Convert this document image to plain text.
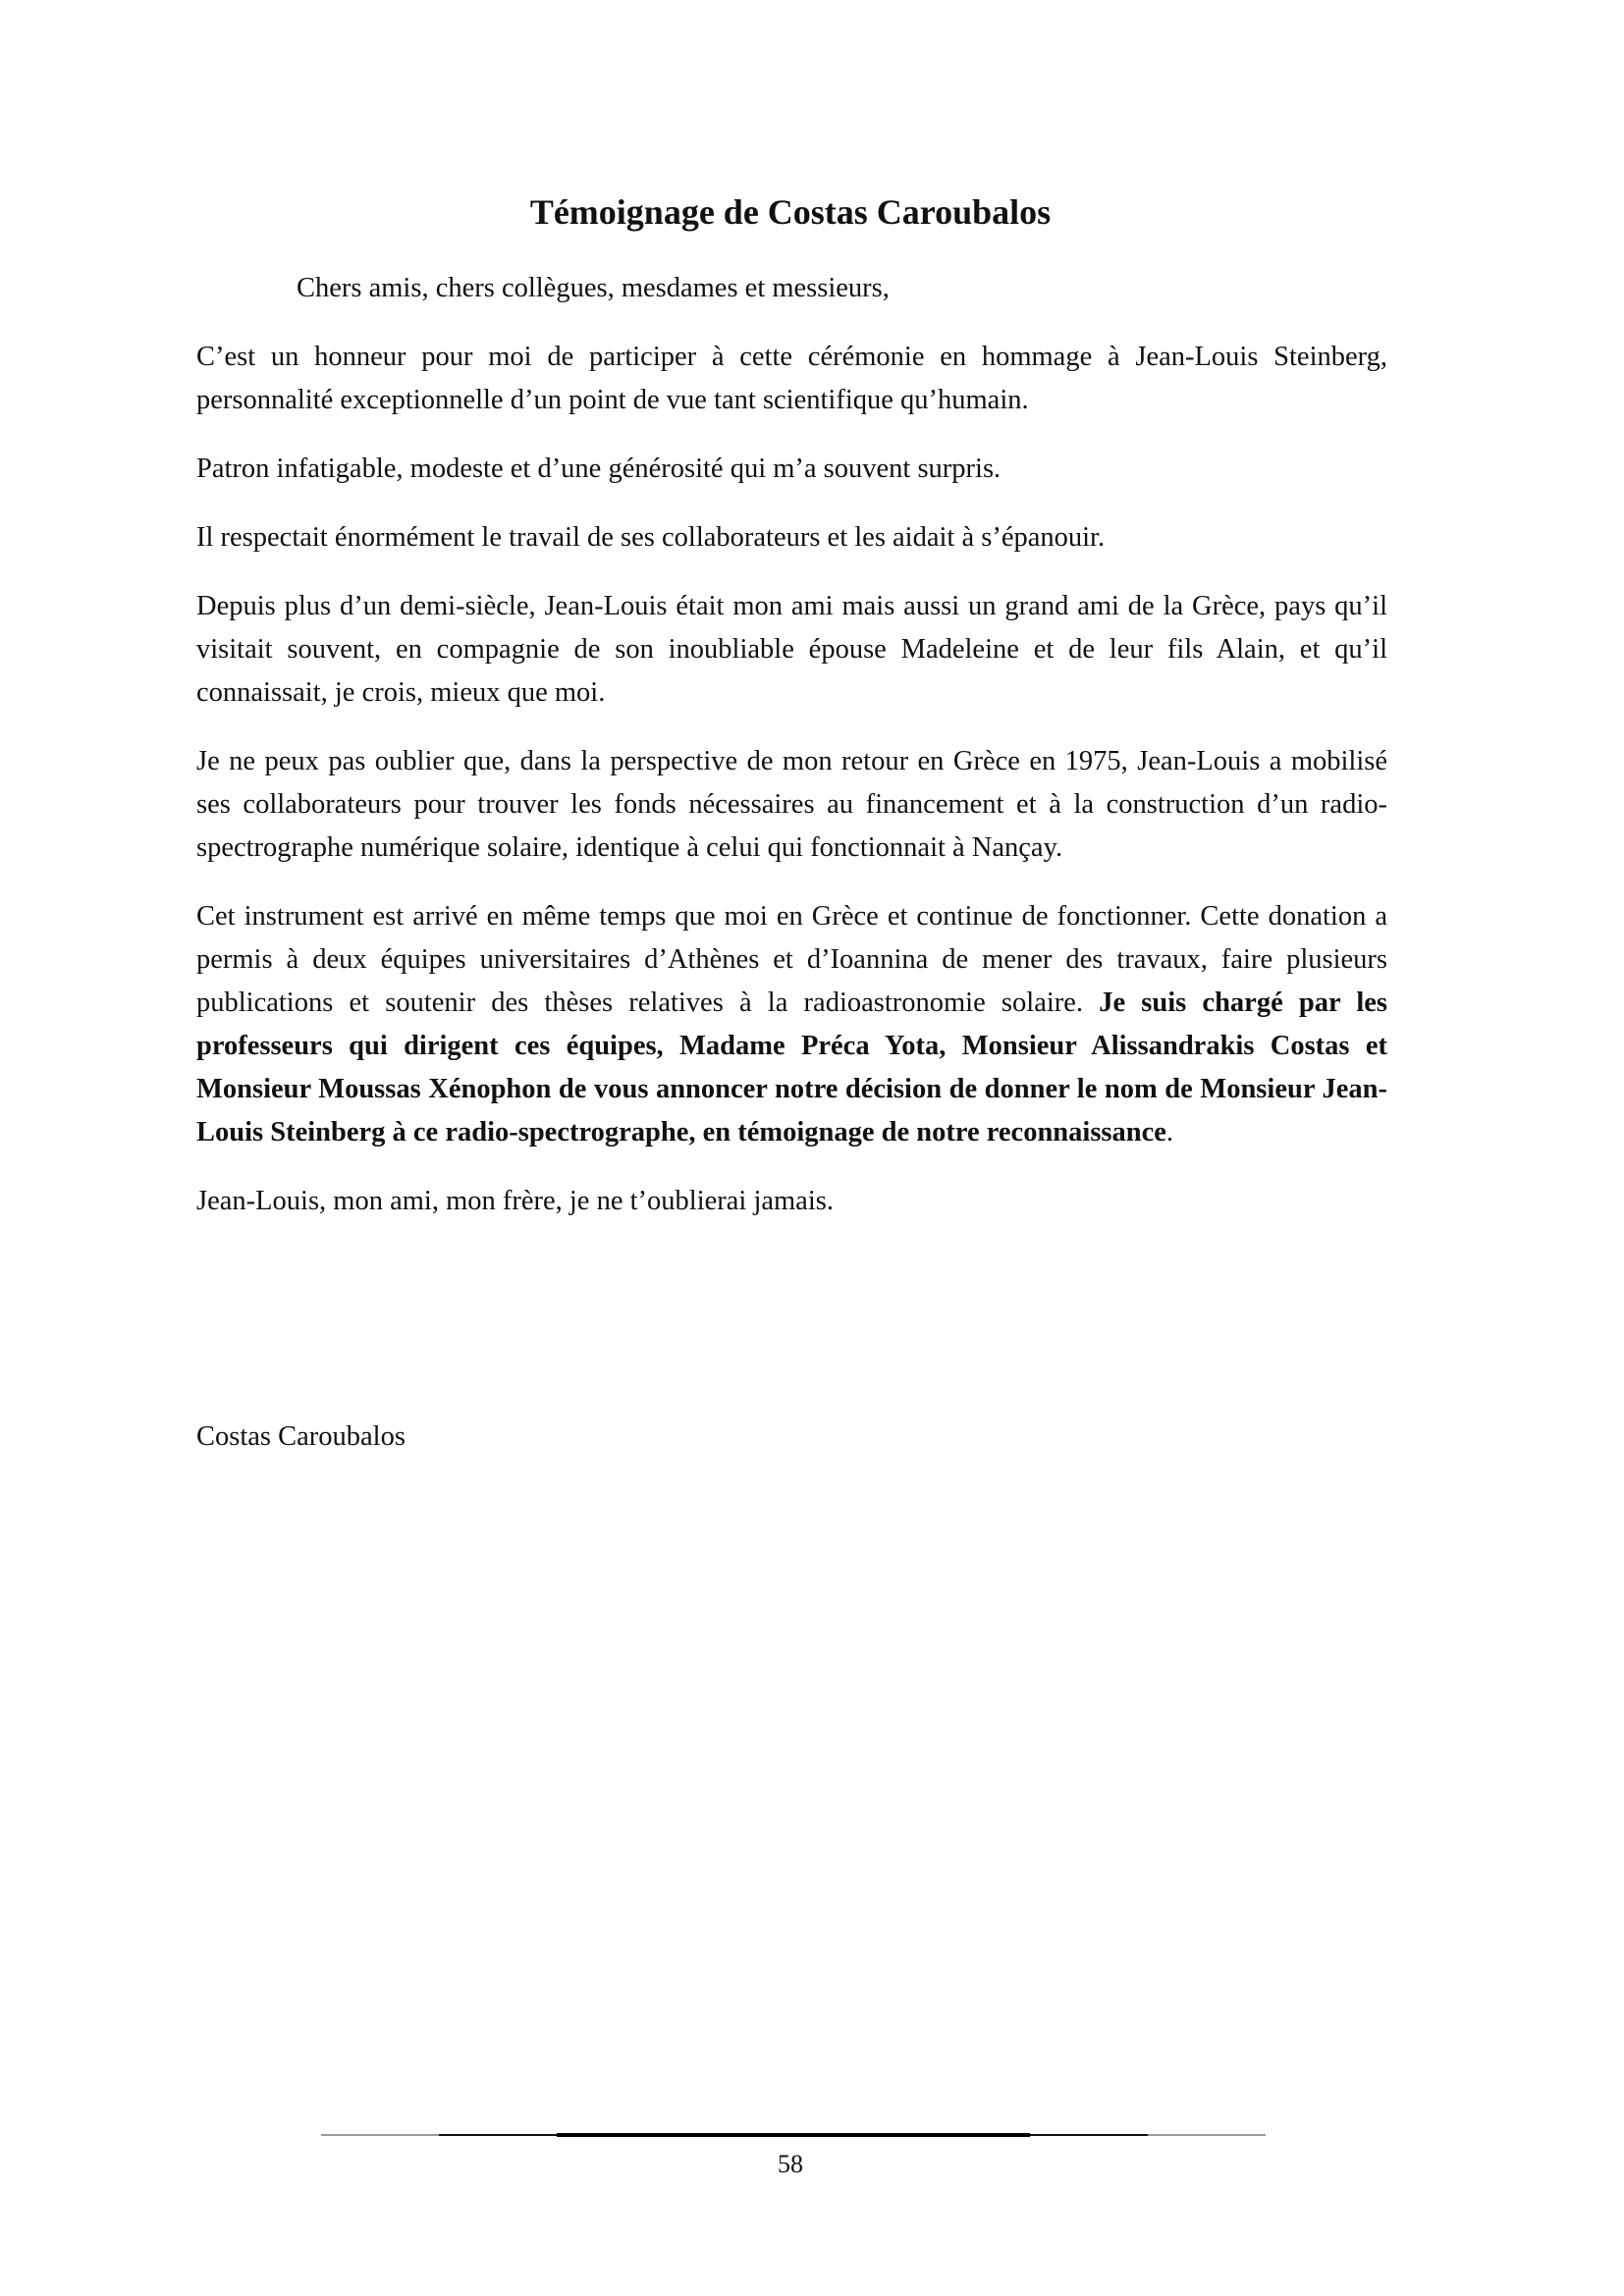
Témoignage de Costas Caroubalos

Chers amis, chers collègues, mesdames et messieurs,

C’est un honneur pour moi de participer à cette cérémonie en hommage à Jean-Louis Steinberg, personnalité exceptionnelle d’un point de vue tant scientifique qu’humain.

Patron infatigable, modeste et d’une générosité qui m’a souvent surpris.

Il respectait énormément le travail de ses collaborateurs et les aidait à s’épanouir.

Depuis plus d’un demi-siècle, Jean-Louis était mon ami mais aussi un grand ami de la Grèce, pays qu’il visitait souvent, en compagnie de son inoubliable épouse Madeleine et de leur fils Alain, et qu’il connaissait, je crois, mieux que moi.

Je ne peux pas oublier que, dans la perspective de mon retour en Grèce en 1975, Jean-Louis a mobilisé ses collaborateurs pour trouver les fonds nécessaires au financement et à la construction d’un radio-spectrographe numérique solaire, identique à celui qui fonctionnait à Nançay.

Cet instrument est arrivé en même temps que moi en Grèce et continue de fonctionner. Cette donation a permis à deux équipes universitaires d’Athènes et d’Ioannina de mener des travaux, faire plusieurs publications et soutenir des thèses relatives à la radioastronomie solaire. Je suis chargé par les professeurs qui dirigent ces équipes, Madame Préca Yota, Monsieur Alissandrakis Costas et Monsieur Moussas Xénophon de vous annoncer notre décision de donner le nom de Monsieur Jean-Louis Steinberg à ce radio-spectrographe, en témoignage de notre reconnaissance.

Jean-Louis, mon ami, mon frère, je ne t’oublierai jamais.

Costas Caroubalos

58
